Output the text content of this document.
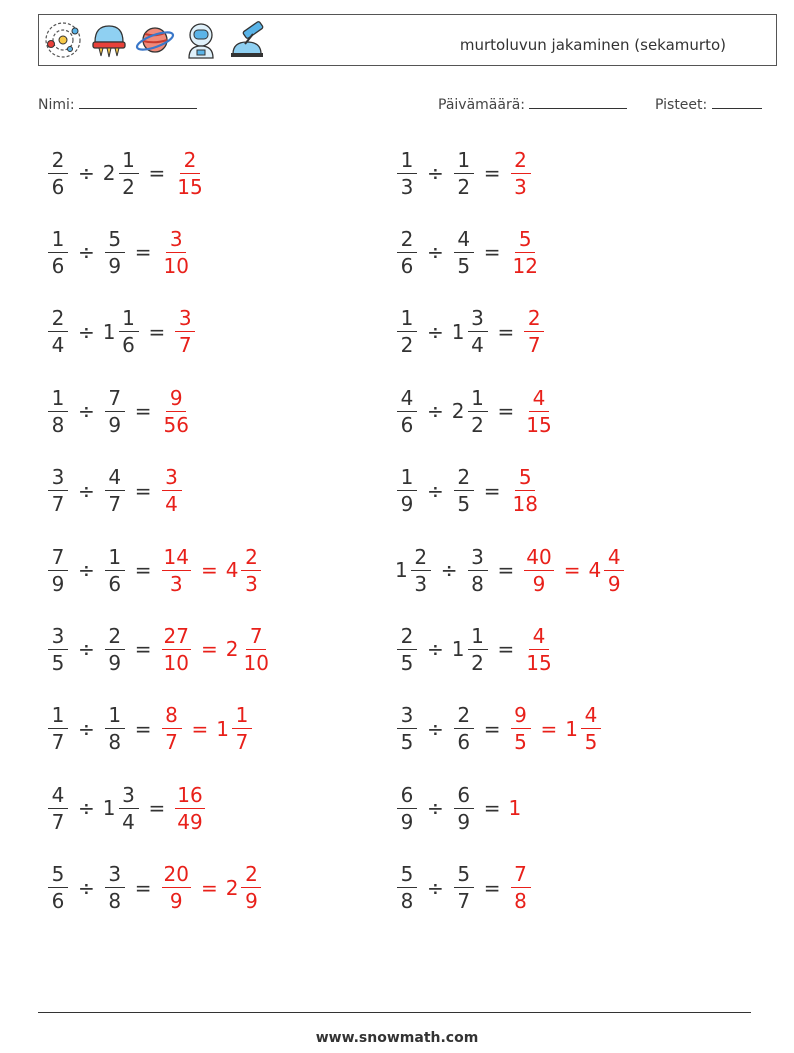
murtoluvun jakaminen (sekamurto)
Nimi:	Päivämäärä:	Pisteet:
$\frac{2}{6} \div 2 \frac{1}{2} = \frac{2}{15}$	$\frac{1}{3} \div \frac{1}{2} = \frac{2}{3}$
$\frac{1}{6} \div \frac{5}{9} = \frac{3}{10}$	$\frac{2}{6} \div \frac{4}{5} = \frac{5}{12}$
$\frac{2}{4} \div 1 \frac{1}{6} = \frac{3}{7}$	$\frac{1}{2} \div 1 \frac{3}{4} = \frac{2}{7}$
$\frac{1}{8} \div \frac{7}{9} = \frac{9}{56}$	$\frac{4}{6} \div 2 \frac{1}{2} = \frac{4}{15}$
$\frac{3}{7} \div \frac{4}{7} = \frac{3}{4}$	$\frac{1}{9} \div \frac{2}{5} = \frac{5}{18}$
$\frac{7}{9} \div \frac{1}{6} = \frac{14}{3} = 4 \frac{2}{3}$	$1 \frac{2}{3} \div \frac{3}{8} = \frac{40}{9} = 4 \frac{4}{9}$
$\frac{3}{5} \div \frac{2}{9} = \frac{27}{10} = 2 \frac{7}{10}$	$\frac{2}{5} \div 1 \frac{1}{2} = \frac{4}{15}$
$\frac{1}{7} \div \frac{1}{8} = \frac{8}{7} = 1 \frac{1}{7}$	$\frac{3}{5} \div \frac{2}{6} = \frac{9}{5} = 1 \frac{4}{5}$
$\frac{4}{7} \div 1 \frac{3}{4} = \frac{16}{49}$	$\frac{6}{9} \div \frac{6}{9} = 1$
$\frac{5}{6} \div \frac{3}{8} = \frac{20}{9} = 2 \frac{2}{9}$	$\frac{5}{8} \div \frac{5}{7} = \frac{7}{8}$
www.snowmath.com
